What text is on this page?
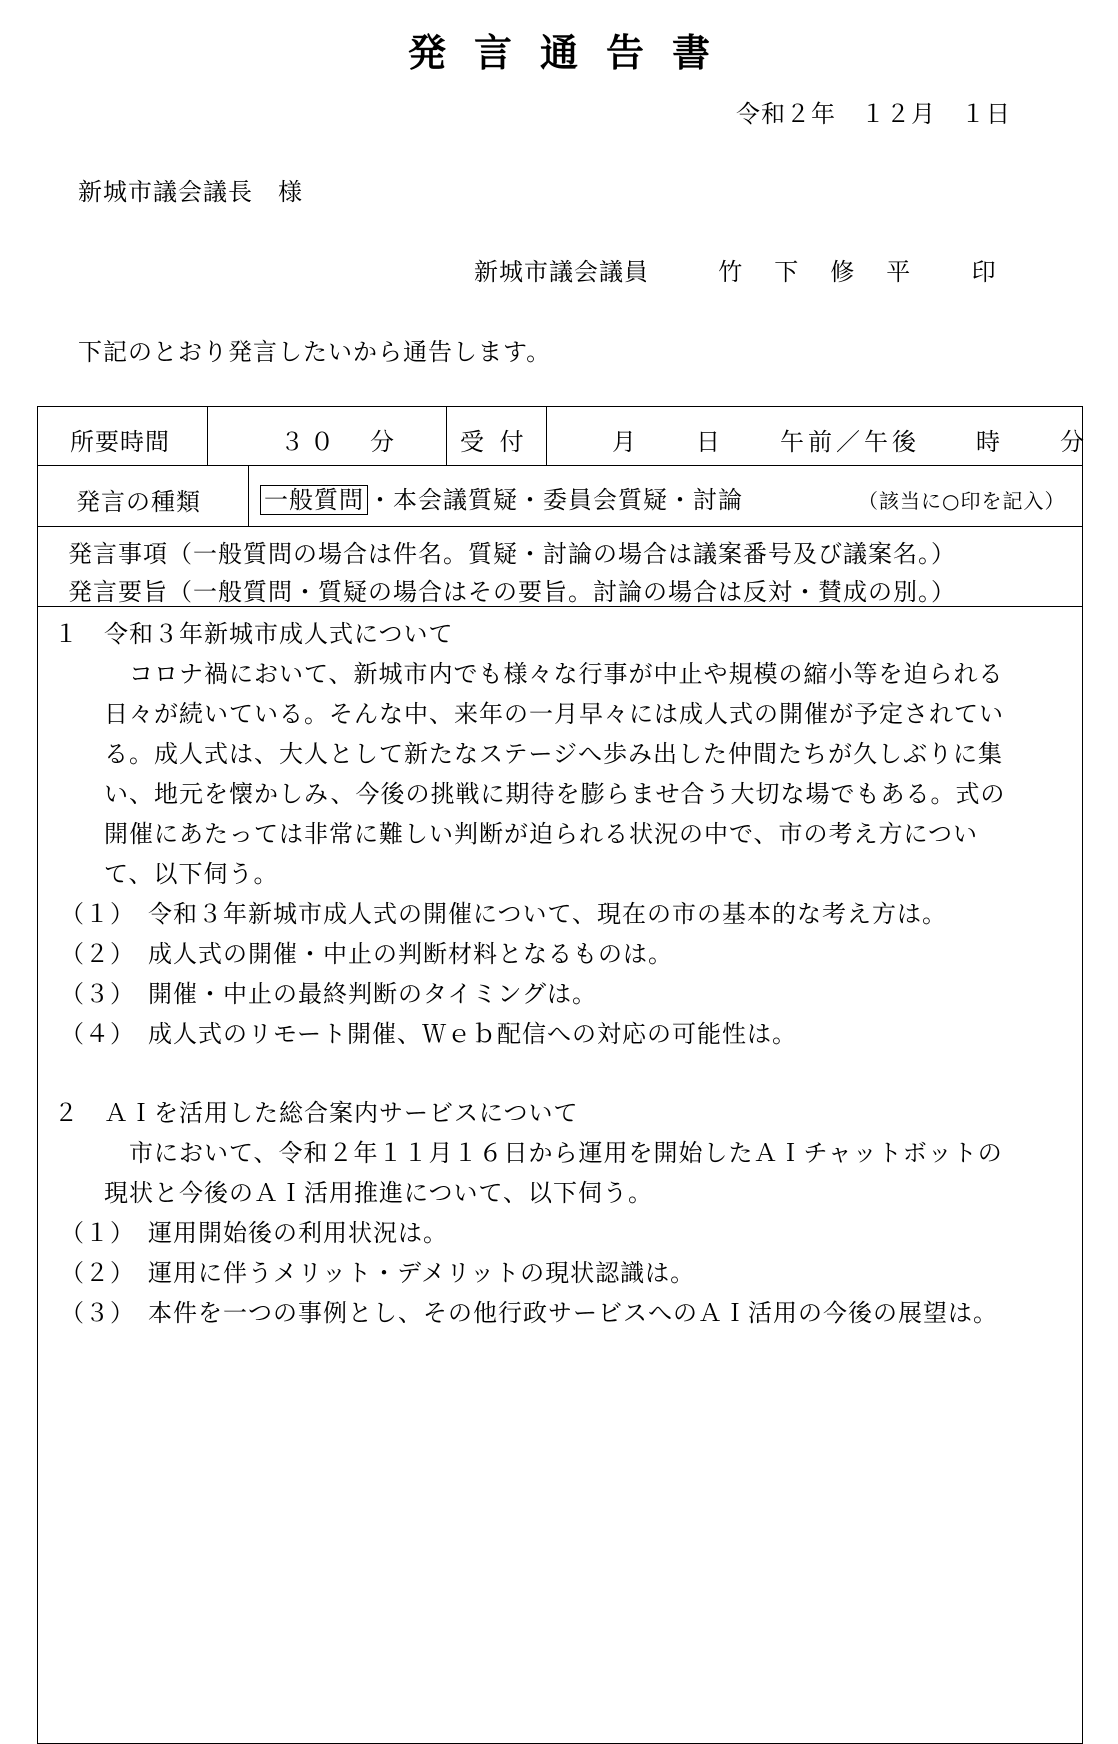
発言通告書
令和２年　１２月　１日
新城市議会議長　様
新城市議会議員	竹　下　修　平 印
下記のとおり発言したいから通告します。
所要時間	３０　分	受 付	月　　日　　午前／午後　　時　　分
発言の種類	一般質問 ・本会議質疑・委員会質疑・討論	（該当に○印を記入）
発言事項（一般質問の場合は件名。質疑・討論の場合は議案番号及び議案名。）
発言要旨（一般質問・質疑の場合はその要旨。討論の場合は反対・賛成の別。）
１　令和３年新城市成人式について
　コロナ禍において、新城市内でも様々な行事が中止や規模の縮小等を迫られる
日々が続いている。そんな中、来年の一月早々には成人式の開催が予定されてい
る。成人式は、大人として新たなステージへ歩み出した仲間たちが久しぶりに集
い、地元を懐かしみ、今後の挑戦に期待を膨らませ合う大切な場でもある。式の
開催にあたっては非常に難しい判断が迫られる状況の中で、市の考え方につい
て、以下伺う。
（１）　令和３年新城市成人式の開催について、現在の市の基本的な考え方は。
（２）　成人式の開催・中止の判断材料となるものは。
（３）　開催・中止の最終判断のタイミングは。
（４）　成人式のリモート開催、Ｗｅｂ配信への対応の可能性は。
２　ＡＩを活用した総合案内サービスについて
　市において、令和２年１１月１６日から運用を開始したＡＩチャットボットの
現状と今後のＡＩ活用推進について、以下伺う。
（１）　運用開始後の利用状況は。
（２）　運用に伴うメリット・デメリットの現状認識は。
（３）　本件を一つの事例とし、その他行政サービスへのＡＩ活用の今後の展望は。
